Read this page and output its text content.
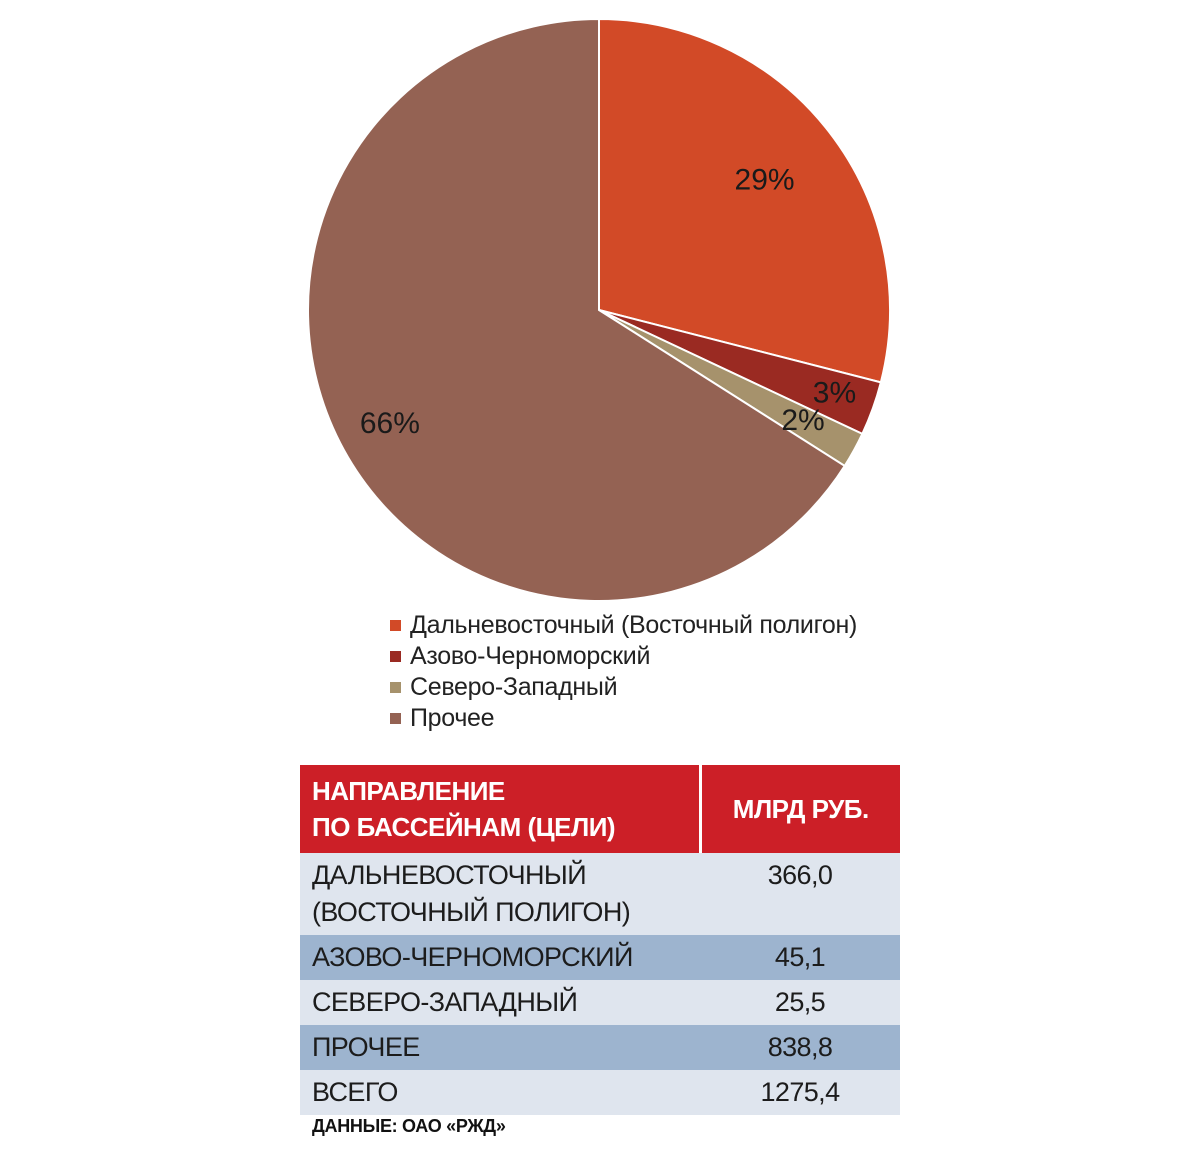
29%
3%
2%
66%
Дальневосточный (Восточный полигон)
Азово-Черноморский
Северо-Западный
Прочее
НАПРАВЛЕНИЕ
ПО БАССЕЙНАМ (ЦЕЛИ)	МЛРД РУБ.
ДАЛЬНЕВОСТОЧНЫЙ
(ВОСТОЧНЫЙ ПОЛИГОН)	366,0
АЗОВО-ЧЕРНОМОРСКИЙ	45,1
СЕВЕРО-ЗАПАДНЫЙ	25,5
ПРОЧЕЕ	838,8
ВСЕГО	1275,4
ДАННЫЕ: ОАО «РЖД»
